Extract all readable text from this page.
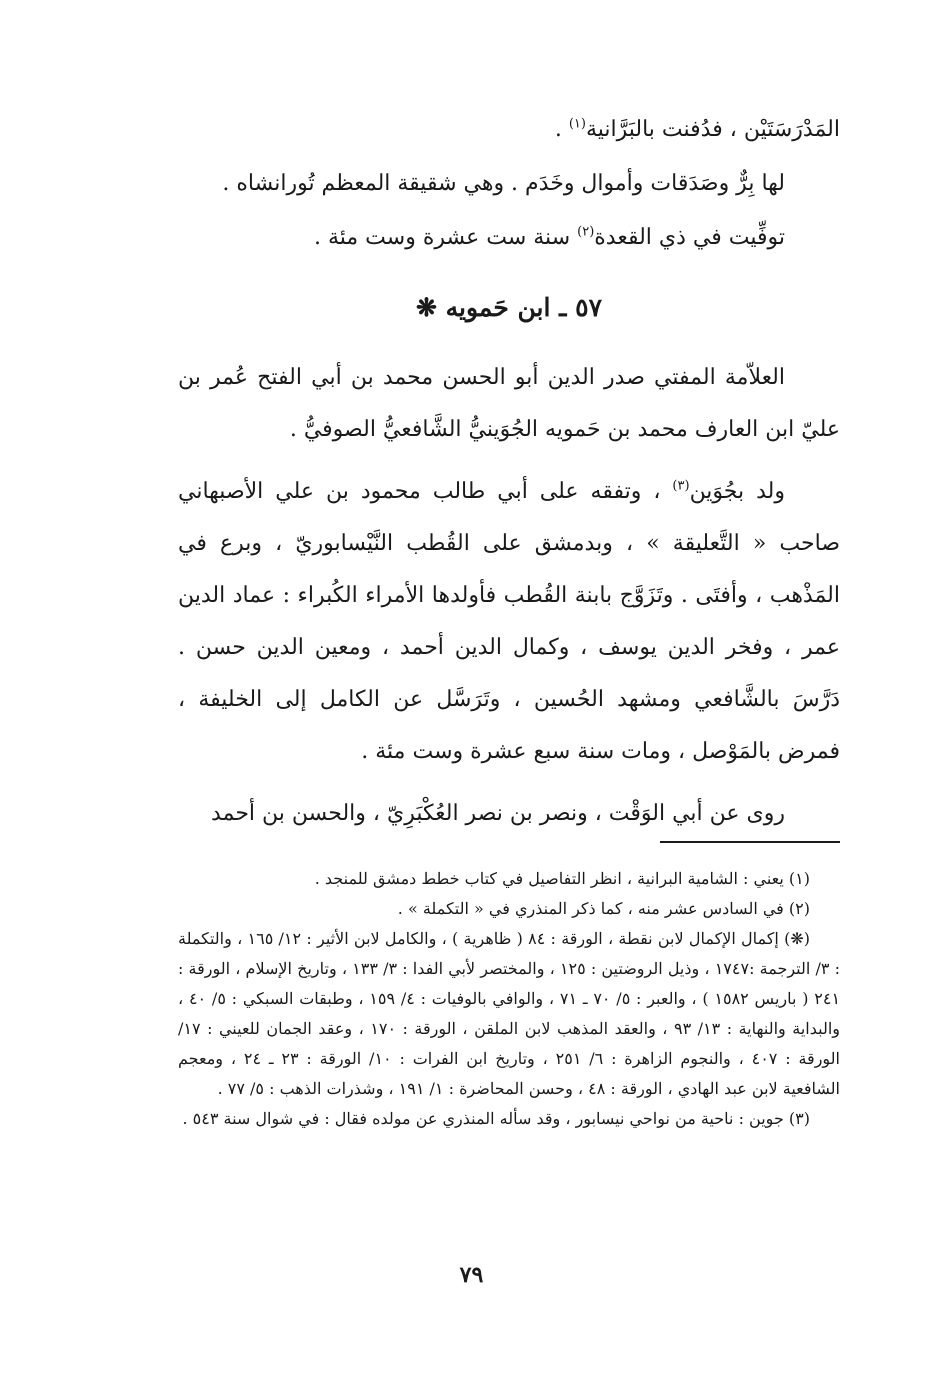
المَدْرَسَتَيْن ، فدُفنت بالبَرَّانية$^{(١)}$ .
لها بِرٌّ وصَدَقات وأموال وخَدَم . وهي شقيقة المعظم تُورانشاه .
توفِّيت في ذي القعدة$^{(٢)}$ سنة ست عشرة وست مئة .
٥٧ ـ ابن حَمويه ❋
العلاّمة المفتي صدر الدين أبو الحسن محمد بن أبي الفتح عُمر بن عليّ ابن العارف محمد بن حَمويه الجُوَينيُّ الشَّافعيُّ الصوفيُّ .
ولد بجُوَين$^{(٣)}$ ، وتفقه على أبي طالب محمود بن علي الأصبهاني صاحب « التَّعليقة » ، وبدمشق على القُطب النَّيْسابوريّ ، وبرع في المَذْهب ، وأفتَى . وتَزَوَّج بابنة القُطب فأولدها الأمراء الكُبراء : عماد الدين عمر ، وفخر الدين يوسف ، وكمال الدين أحمد ، ومعين الدين حسن . دَرَّسَ بالشَّافعي ومشهد الحُسين ، وتَرَسَّل عن الكامل إلى الخليفة ، فمرض بالمَوْصل ، ومات سنة سبع عشرة وست مئة .
روى عن أبي الوَقْت ، ونصر بن نصر العُكْبَرِيّ ، والحسن بن أحمد
(١) يعني : الشامية البرانية ، انظر التفاصيل في كتاب خطط دمشق للمنجد .
(٢) في السادس عشر منه ، كما ذكر المنذري في « التكملة » .
(❋) إكمال الإكمال لابن نقطة ، الورقة : ٨٤ ( ظاهرية ) ، والكامل لابن الأثير : ١٢/ ١٦٥ ، والتكملة : ٣/ الترجمة :١٧٤٧ ، وذيل الروضتين : ١٢٥ ، والمختصر لأبي الفدا : ٣/ ١٣٣ ، وتاريخ الإسلام ، الورقة : ٢٤١ ( باريس ١٥٨٢ ) ، والعبر : ٥/ ٧٠ ـ ٧١ ، والوافي بالوفيات : ٤/ ١٥٩ ، وطبقات السبكي : ٥/ ٤٠ ، والبداية والنهاية : ١٣/ ٩٣ ، والعقد المذهب لابن الملقن ، الورقة : ١٧٠ ، وعقد الجمان للعيني : ١٧/ الورقة : ٤٠٧ ، والنجوم الزاهرة : ٦/ ٢٥١ ، وتاريخ ابن الفرات : ١٠/ الورقة : ٢٣ ـ ٢٤ ، ومعجم الشافعية لابن عبد الهادي ، الورقة : ٤٨ ، وحسن المحاضرة : ١/ ١٩١ ، وشذرات الذهب : ٥/ ٧٧ .
(٣) جوين : ناحية من نواحي نيسابور ، وقد سأله المنذري عن مولده فقال : في شوال سنة ٥٤٣ .
٧٩
